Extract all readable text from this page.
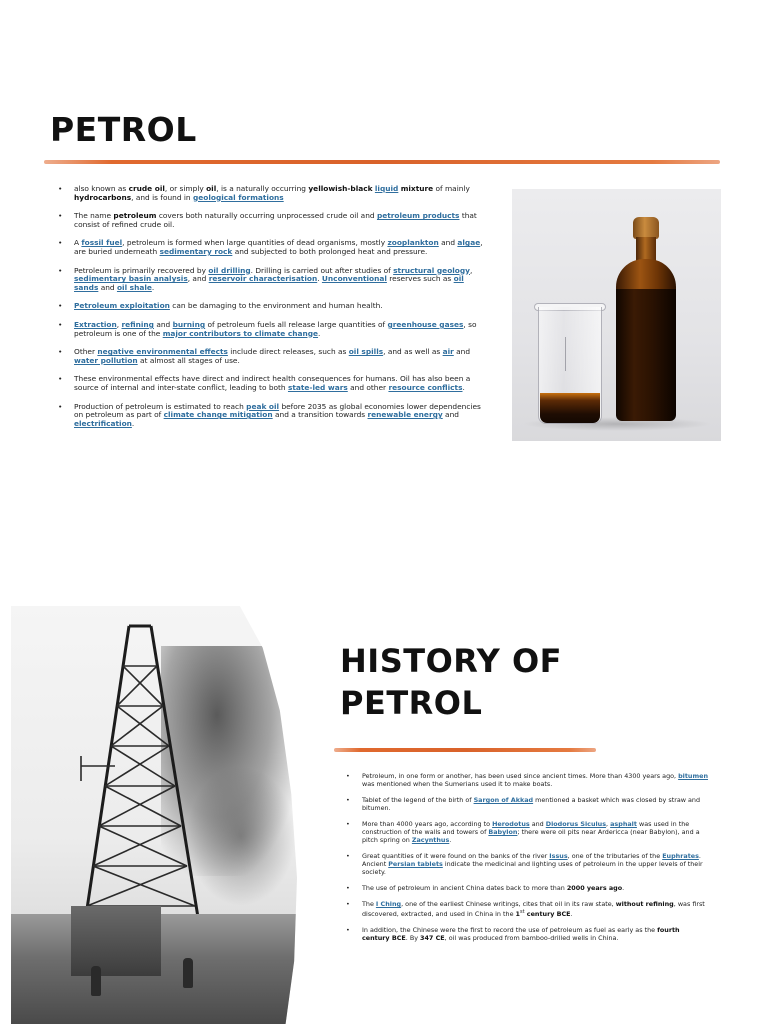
PETROL
• also known as crude oil, or simply oil, is a naturally occurring yellowish-black liquid mixture of mainly hydrocarbons, and is found in geological formations
• The name petroleum covers both naturally occurring unprocessed crude oil and petroleum products that consist of refined crude oil.
• A fossil fuel, petroleum is formed when large quantities of dead organisms, mostly zooplankton and algae, are buried underneath sedimentary rock and subjected to both prolonged heat and pressure.
• Petroleum is primarily recovered by oil drilling. Drilling is carried out after studies of structural geology, sedimentary basin analysis, and reservoir characterisation. Unconventional reserves such as oil sands and oil shale.
• Petroleum exploitation can be damaging to the environment and human health.
• Extraction, refining and burning of petroleum fuels all release large quantities of greenhouse gases, so petroleum is one of the major contributors to climate change.
• Other negative environmental effects include direct releases, such as oil spills, and as well as air and water pollution at almost all stages of use.
• These environmental effects have direct and indirect health consequences for humans. Oil has also been a source of internal and inter-state conflict, leading to both state-led wars and other resource conflicts.
• Production of petroleum is estimated to reach peak oil before 2035 as global economies lower dependencies on petroleum as part of climate change mitigation and a transition towards renewable energy and electrification.
HISTORY OF
PETROL
• Petroleum, in one form or another, has been used since ancient times. More than 4300 years ago, bitumen was mentioned when the Sumerians used it to make boats.
• Tablet of the legend of the birth of Sargon of Akkad mentioned a basket which was closed by straw and bitumen.
• More than 4000 years ago, according to Herodotus and Diodorus Siculus, asphalt was used in the construction of the walls and towers of Babylon; there were oil pits near Ardericca (near Babylon), and a pitch spring on Zacynthus.
• Great quantities of it were found on the banks of the river Issus, one of the tributaries of the Euphrates. Ancient Persian tablets indicate the medicinal and lighting uses of petroleum in the upper levels of their society.
• The use of petroleum in ancient China dates back to more than 2000 years ago.
• The I Ching, one of the earliest Chinese writings, cites that oil in its raw state, without refining, was first discovered, extracted, and used in China in the 1st century BCE.
• In addition, the Chinese were the first to record the use of petroleum as fuel as early as the fourth century BCE. By 347 CE, oil was produced from bamboo-drilled wells in China.
